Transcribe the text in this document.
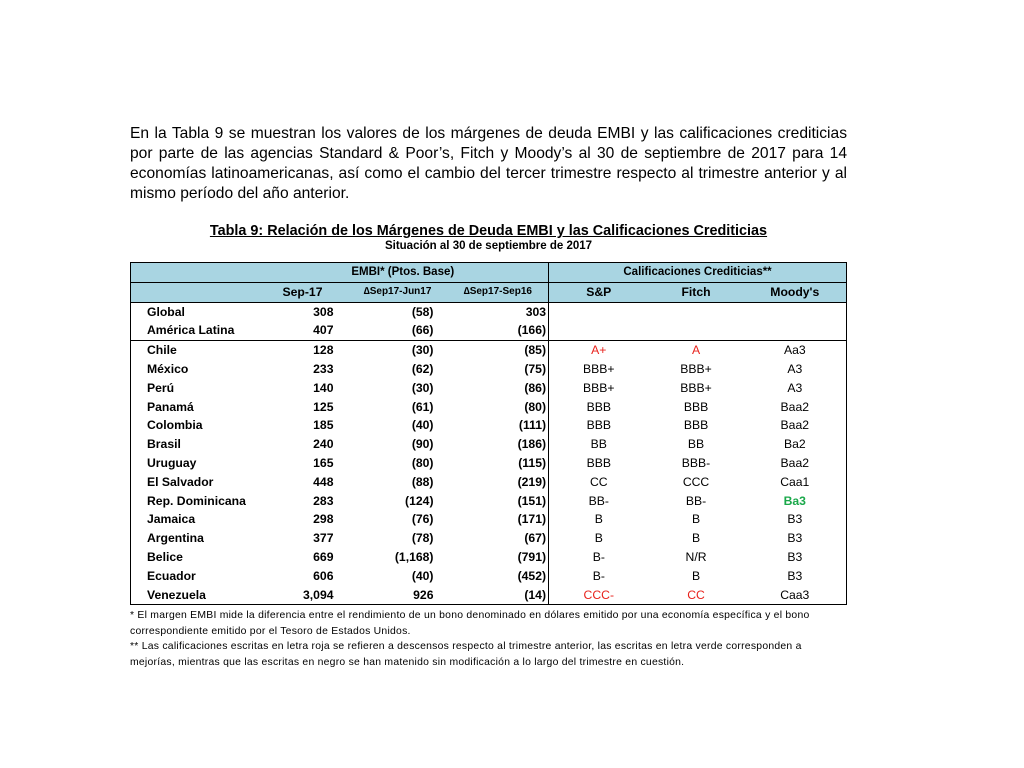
En la Tabla 9 se muestran los valores de los márgenes de deuda EMBI y las calificaciones crediticias por parte de las agencias Standard & Poor’s, Fitch y Moody’s al 30 de septiembre de 2017 para 14 economías latinoamericanas, así como el cambio del tercer trimestre respecto al trimestre anterior y al mismo período del año anterior.

Tabla 9: Relación de los Márgenes de Deuda EMBI y las Calificaciones Crediticias

Situación al 30 de septiembre de 2017

	EMBI* (Ptos. Base)			Calificaciones Crediticias**		
	Sep-17	∆Sep17-Jun17	∆Sep17-Sep16	S&P	Fitch	Moody's
Global	308	(58)	303			
América Latina	407	(66)	(166)			
Chile	128	(30)	(85)	A+	A	Aa3
México	233	(62)	(75)	BBB+	BBB+	A3
Perú	140	(30)	(86)	BBB+	BBB+	A3
Panamá	125	(61)	(80)	BBB	BBB	Baa2
Colombia	185	(40)	(111)	BBB	BBB	Baa2
Brasil	240	(90)	(186)	BB	BB	Ba2
Uruguay	165	(80)	(115)	BBB	BBB-	Baa2
El Salvador	448	(88)	(219)	CC	CCC	Caa1
Rep. Dominicana	283	(124)	(151)	BB-	BB-	Ba3
Jamaica	298	(76)	(171)	B	B	B3
Argentina	377	(78)	(67)	B	B	B3
Belice	669	(1,168)	(791)	B-	N/R	B3
Ecuador	606	(40)	(452)	B-	B	B3
Venezuela	3,094	926	(14)	CCC-	CC	Caa3

* El margen EMBI mide la diferencia entre el rendimiento de un bono denominado en dólares emitido por una economía específica y el bono correspondiente emitido por el Tesoro de Estados Unidos.

** Las calificaciones escritas en letra roja se refieren a descensos respecto al trimestre anterior, las escritas en letra verde corresponden a mejorías, mientras que las escritas en negro se han matenido sin modificación a lo largo del trimestre en cuestión.
